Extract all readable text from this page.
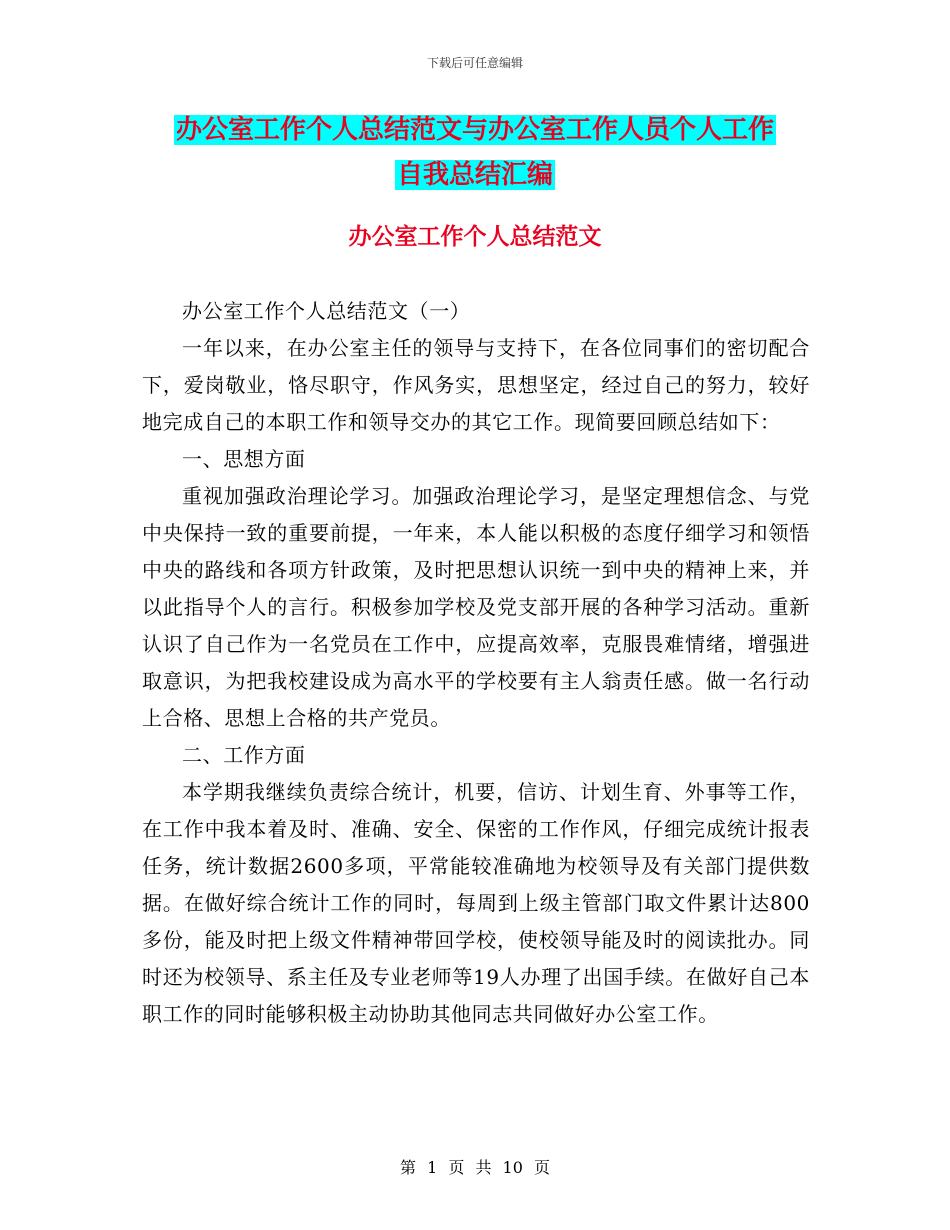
下载后可任意编辑
办公室工作个人总结范文与办公室工作人员个人工作
自我总结汇编
办公室工作个人总结范文

办公室工作个人总结范文（一）

一年以来，在办公室主任的领导与支持下，在各位同事们的密切配合下，爱岗敬业，恪尽职守，作风务实，思想坚定，经过自己的努力，较好地完成自己的本职工作和领导交办的其它工作。现简要回顾总结如下：

一、思想方面

重视加强政治理论学习。加强政治理论学习，是坚定理想信念、与党中央保持一致的重要前提，一年来，本人能以积极的态度仔细学习和领悟中央的路线和各项方针政策，及时把思想认识统一到中央的精神上来，并以此指导个人的言行。积极参加学校及党支部开展的各种学习活动。重新认识了自己作为一名党员在工作中，应提高效率，克服畏难情绪，增强进取意识，为把我校建设成为高水平的学校要有主人翁责任感。做一名行动上合格、思想上合格的共产党员。

二、工作方面

本学期我继续负责综合统计，机要，信访、计划生育、外事等工作，在工作中我本着及时、准确、安全、保密的工作作风，仔细完成统计报表任务，统计数据2600多项，平常能较准确地为校领导及有关部门提供数据。在做好综合统计工作的同时，每周到上级主管部门取文件累计达800多份，能及时把上级文件精神带回学校，使校领导能及时的阅读批办。同时还为校领导、系主任及专业老师等19人办理了出国手续。在做好自己本职工作的同时能够积极主动协助其他同志共同做好办公室工作。

第 1 页 共 10 页
